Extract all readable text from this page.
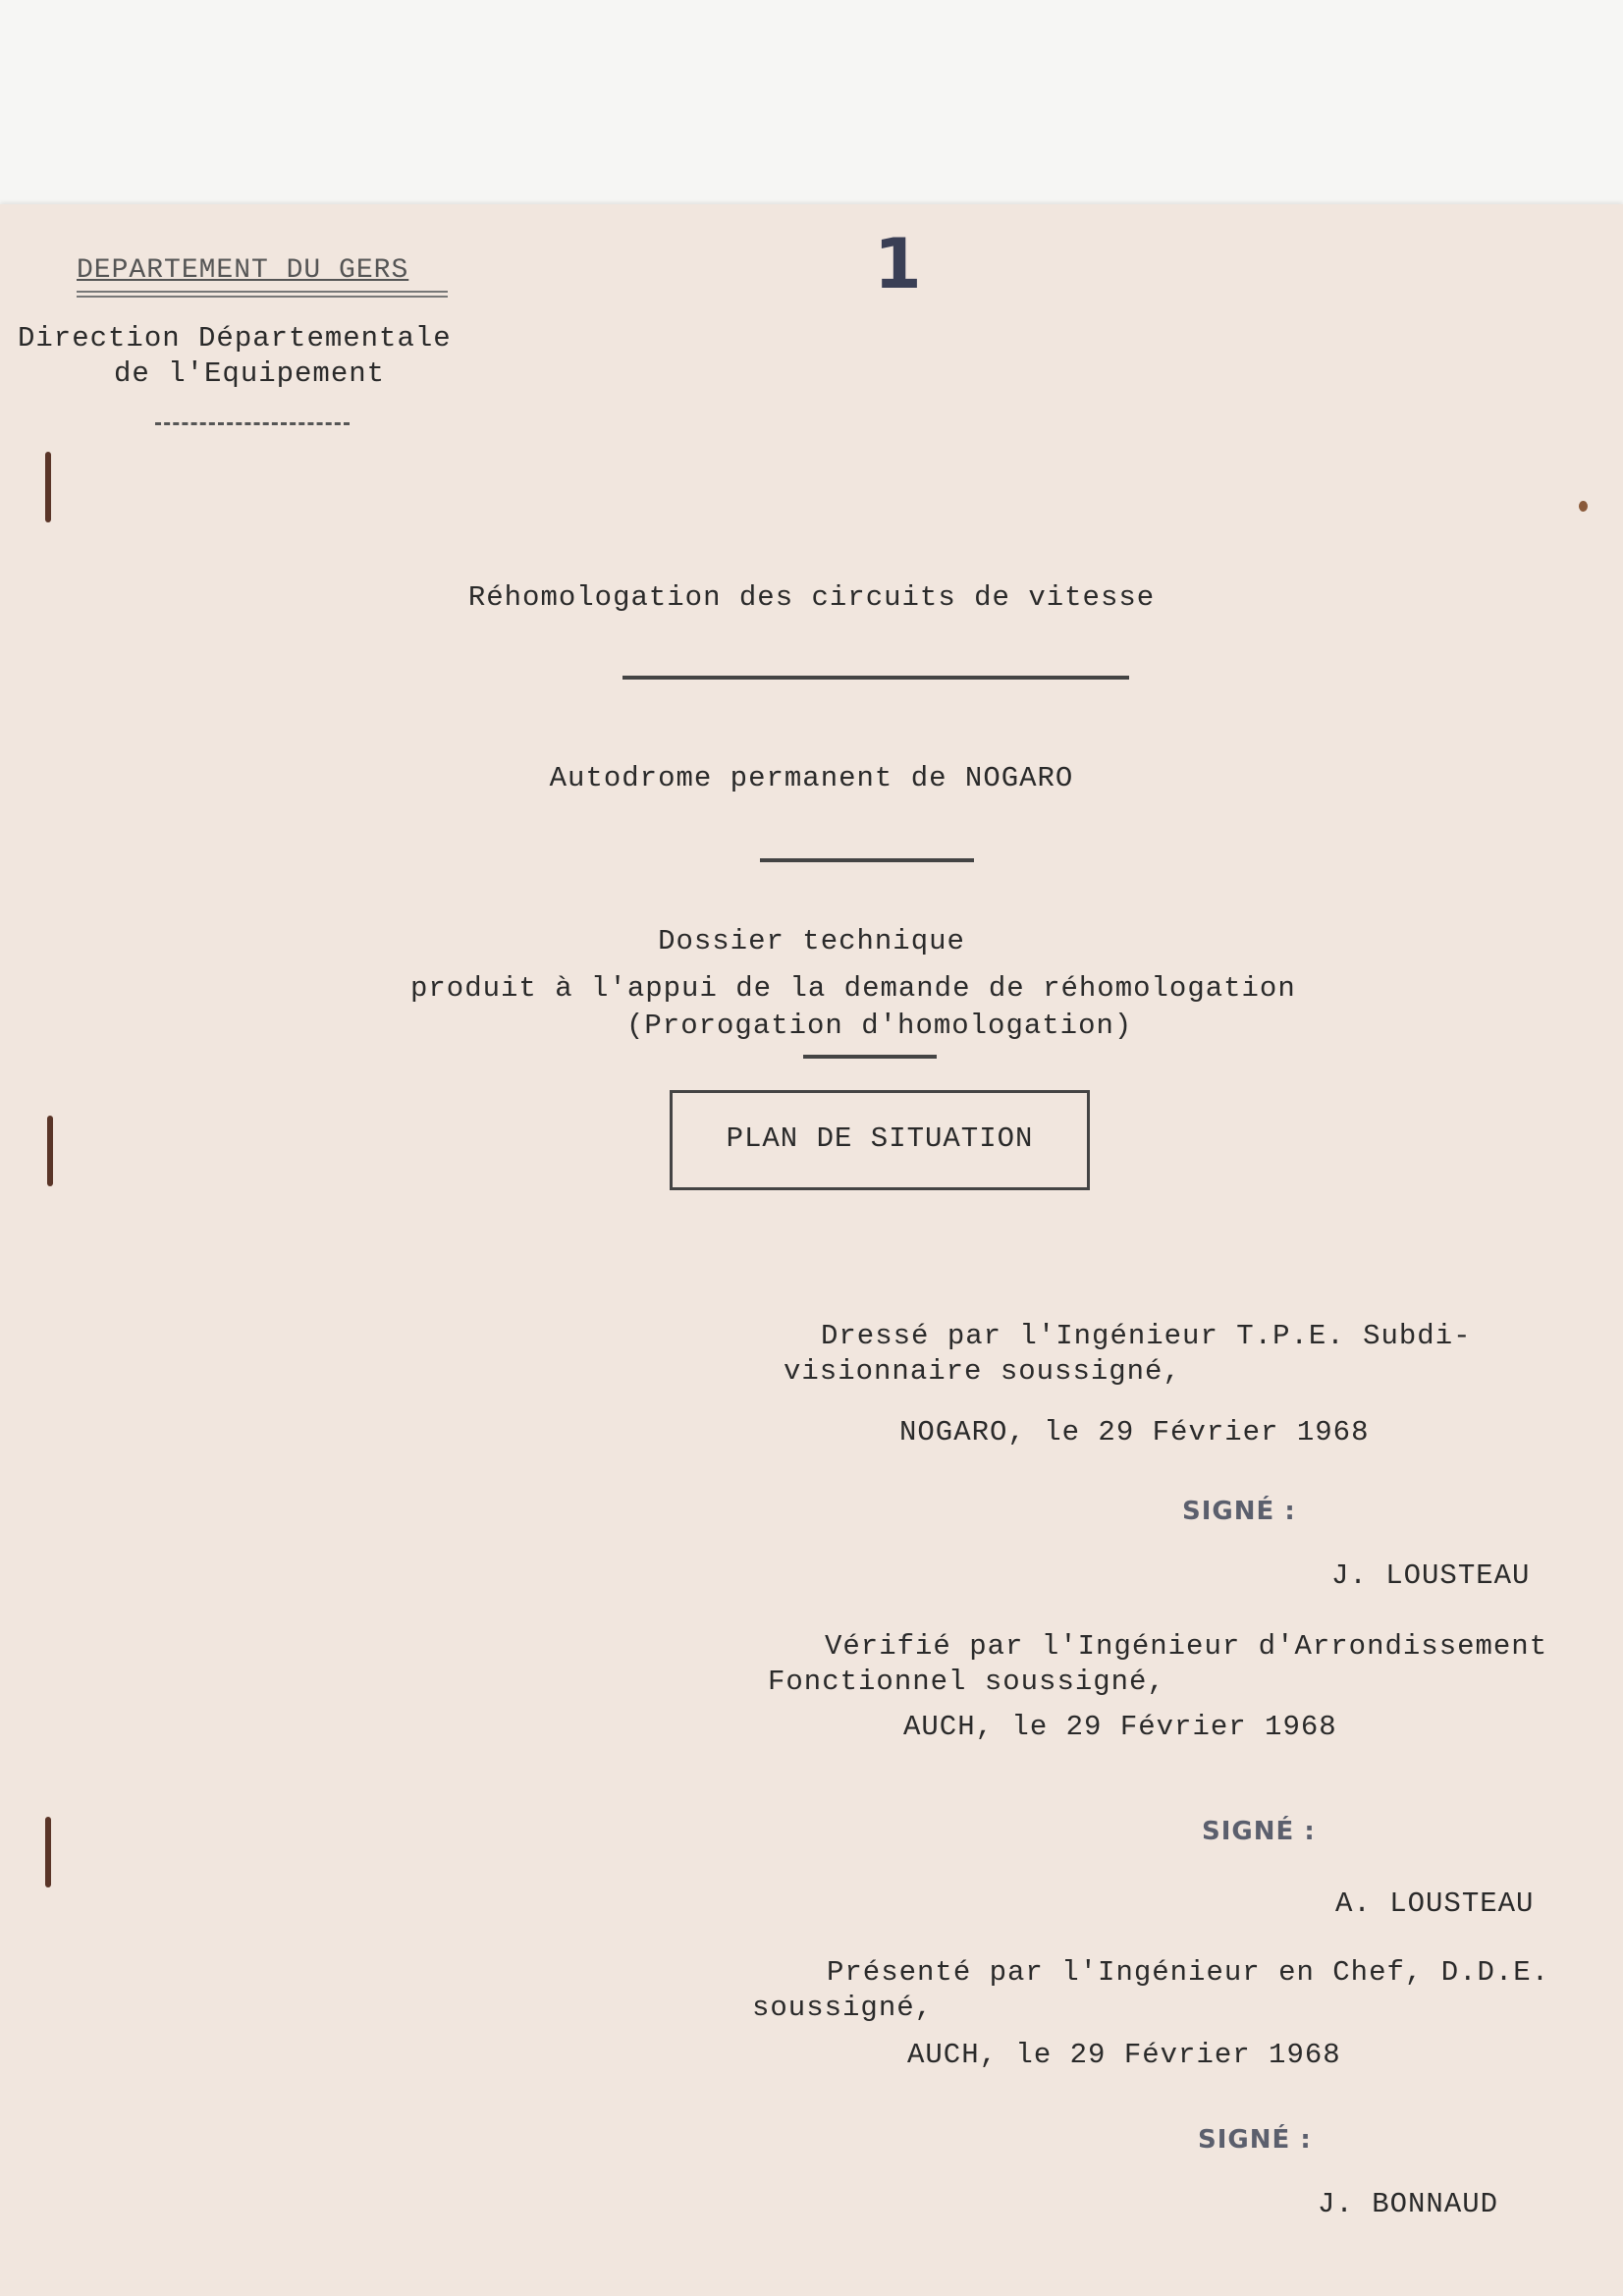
DEPARTEMENT DU GERS
Direction Départementale
de l'Equipement
1
Réhomologation des circuits de vitesse
Autodrome permanent de NOGARO
Dossier technique
produit à l'appui de la demande de réhomologation
(Prorogation d'homologation)
PLAN DE SITUATION
Dressé par l'Ingénieur T.P.E. Subdi-
visionnaire soussigné,
NOGARO, le 29 Février 1968
SIGNÉ :
J. LOUSTEAU
Vérifié par l'Ingénieur d'Arrondissement
Fonctionnel soussigné,
AUCH, le 29 Février 1968
SIGNÉ :
A. LOUSTEAU
Présenté par l'Ingénieur en Chef, D.D.E.
soussigné,
AUCH, le 29 Février 1968
SIGNÉ :
J. BONNAUD
